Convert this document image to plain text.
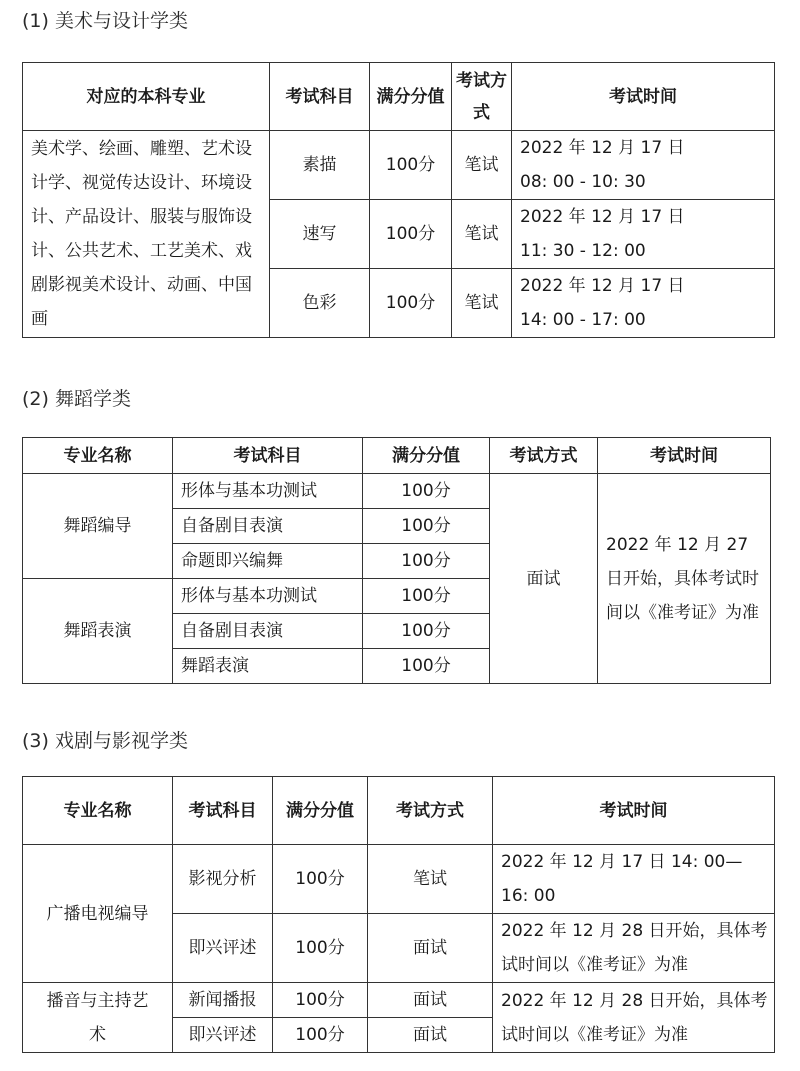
(1) 美术与设计学类
对应的本科专业	考试科目	满分分值	考试方式	考试时间
美术学、绘画、雕塑、艺术设计学、视觉传达设计、环境设计、产品设计、服装与服饰设计、公共艺术、工艺美术、戏剧影视美术设计、动画、中国画	素描	100分	笔试	2022 年 12 月 17 日
08: 00 - 10: 30

	速写	100分	笔试	2022 年 12 月 17 日
11: 30 - 12: 00

	色彩	100分	笔试	2022 年 12 月 17 日
14: 00 - 17: 00
(2) 舞蹈学类
专业名称	考试科目	满分分值	考试方式	考试时间
舞蹈编导	形体与基本功测试	100分	面试	2022 年 12 月 27 日开始，具体考试时间以《准考证》为准
	自备剧目表演	100分		
	命题即兴编舞	100分		
舞蹈表演	形体与基本功测试	100分		
	自备剧目表演	100分		
	舞蹈表演	100分		
(3) 戏剧与影视学类
专业名称	考试科目	满分分值	考试方式	考试时间
广播电视编导	影视分析	100分	笔试	2022 年 12 月 17 日 14: 00—16: 00
	即兴评述	100分	面试	2022 年 12 月 28 日开始，具体考试时间以《准考证》为准
播音与主持艺术	新闻播报	100分	面试	2022 年 12 月 28 日开始，具体考试时间以《准考证》为准
	即兴评述	100分	面试	
